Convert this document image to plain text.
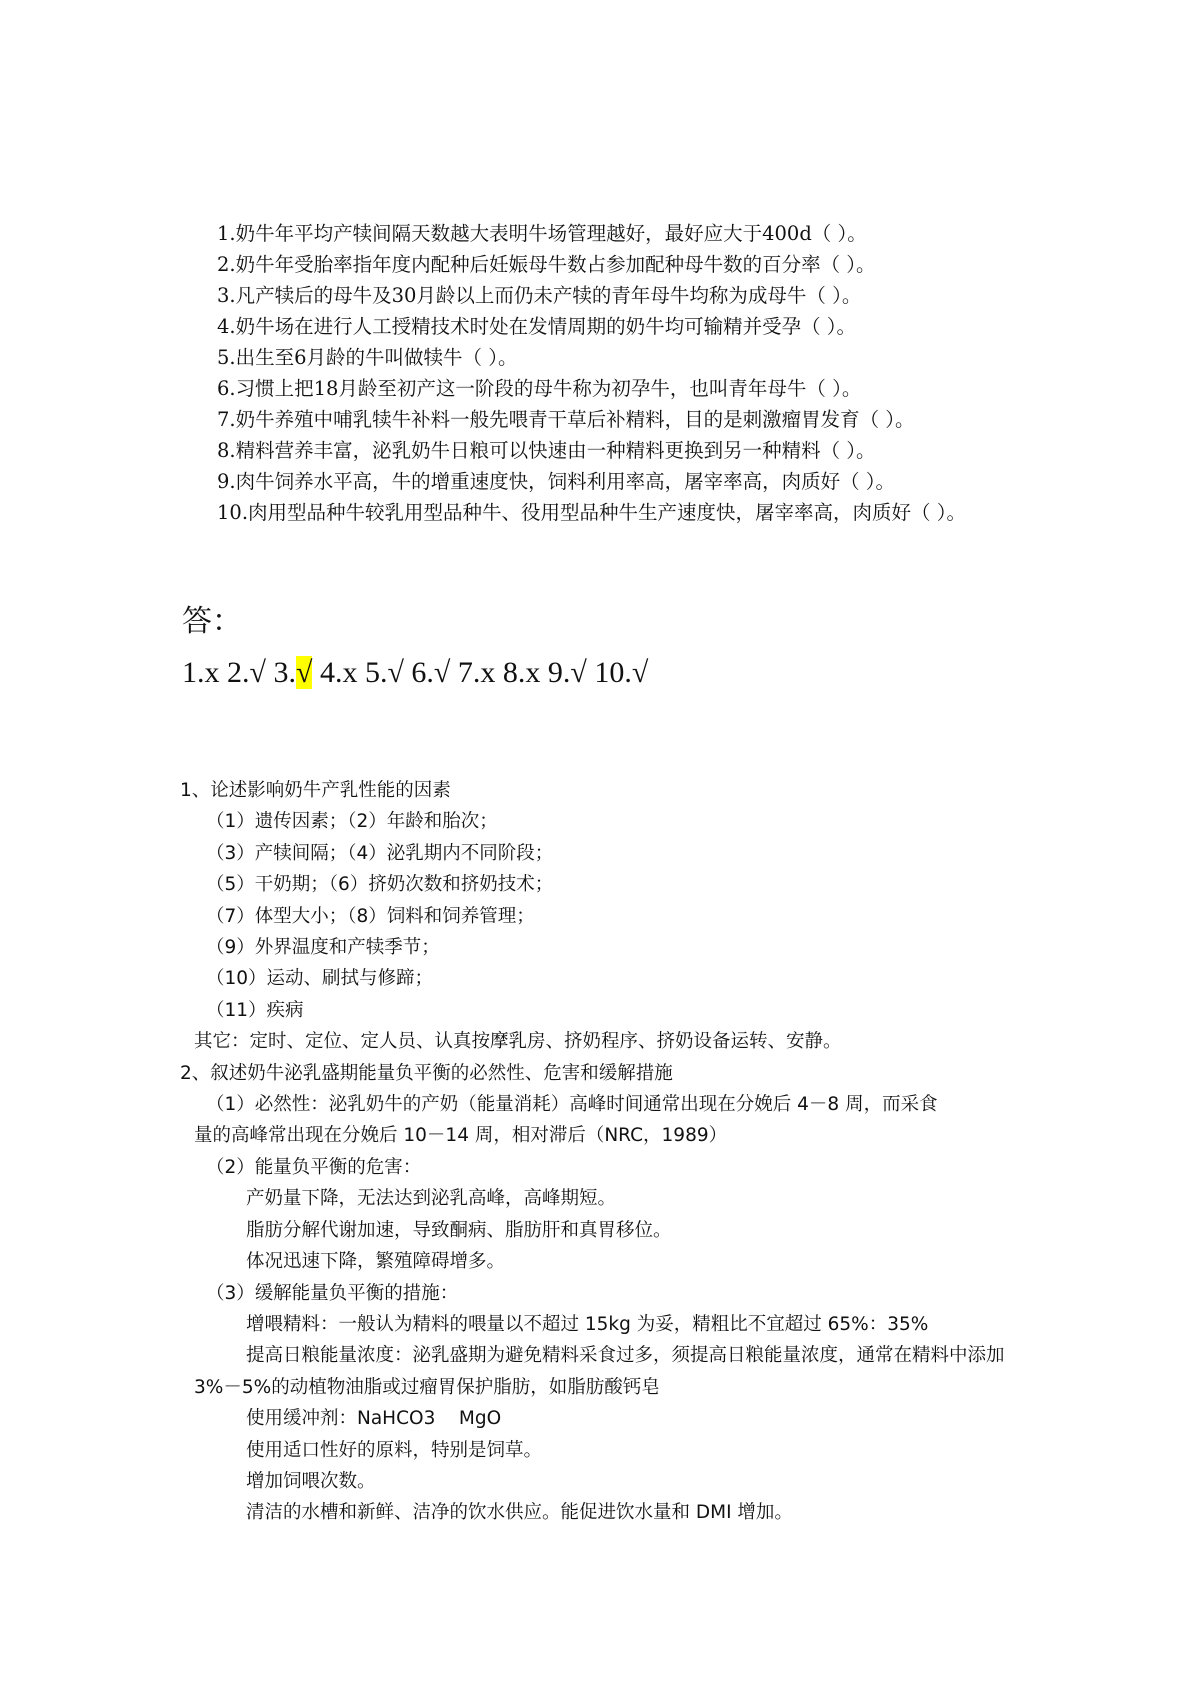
1.奶牛年平均产犊间隔天数越大表明牛场管理越好，最好应大于400d（ ）。

2.奶牛年受胎率指年度内配种后妊娠母牛数占参加配种母牛数的百分率（ ）。

3.凡产犊后的母牛及30月龄以上而仍未产犊的青年母牛均称为成母牛（ ）。

4.奶牛场在进行人工授精技术时处在发情周期的奶牛均可输精并受孕（ ）。

5.出生至6月龄的牛叫做犊牛（ ）。

6.习惯上把18月龄至初产这一阶段的母牛称为初孕牛，也叫青年母牛（ ）。

7.奶牛养殖中哺乳犊牛补料一般先喂青干草后补精料，目的是刺激瘤胃发育（ ）。

8.精料营养丰富，泌乳奶牛日粮可以快速由一种精料更换到另一种精料（ ）。

9.肉牛饲养水平高，牛的增重速度快，饲料利用率高，屠宰率高，肉质好（ ）。

10.肉用型品种牛较乳用型品种牛、役用型品种牛生产速度快，屠宰率高，肉质好（ ）。

答：
1.x 2.√ 3.√ 4.x 5.√ 6.√ 7.x 8.x 9.√ 10.√

1、论述影响奶牛产乳性能的因素

（1）遗传因素；（2）年龄和胎次；

（3）产犊间隔；（4）泌乳期内不同阶段；

（5）干奶期；（6）挤奶次数和挤奶技术；

（7）体型大小；（8）饲料和饲养管理；

（9）外界温度和产犊季节；

（10）运动、刷拭与修蹄；

（11）疾病

其它：定时、定位、定人员、认真按摩乳房、挤奶程序、挤奶设备运转、安静。

2、叙述奶牛泌乳盛期能量负平衡的必然性、危害和缓解措施

（1）必然性：泌乳奶牛的产奶（能量消耗）高峰时间通常出现在分娩后 4－8 周，而采食

量的高峰常出现在分娩后 10－14 周，相对滞后（NRC，1989）

（2）能量负平衡的危害：

产奶量下降，无法达到泌乳高峰，高峰期短。

脂肪分解代谢加速，导致酮病、脂肪肝和真胃移位。

体况迅速下降，繁殖障碍增多。

（3）缓解能量负平衡的措施：

增喂精料：一般认为精料的喂量以不超过 15kg 为妥，精粗比不宜超过 65%：35%

提高日粮能量浓度：泌乳盛期为避免精料采食过多，须提高日粮能量浓度，通常在精料中添加 3%－5%的动植物油脂或过瘤胃保护脂肪，如脂肪酸钙皂

使用缓冲剂：NaHCO3    MgO

使用适口性好的原料，特别是饲草。

增加饲喂次数。

清洁的水槽和新鲜、洁净的饮水供应。能促进饮水量和 DMI 增加。
